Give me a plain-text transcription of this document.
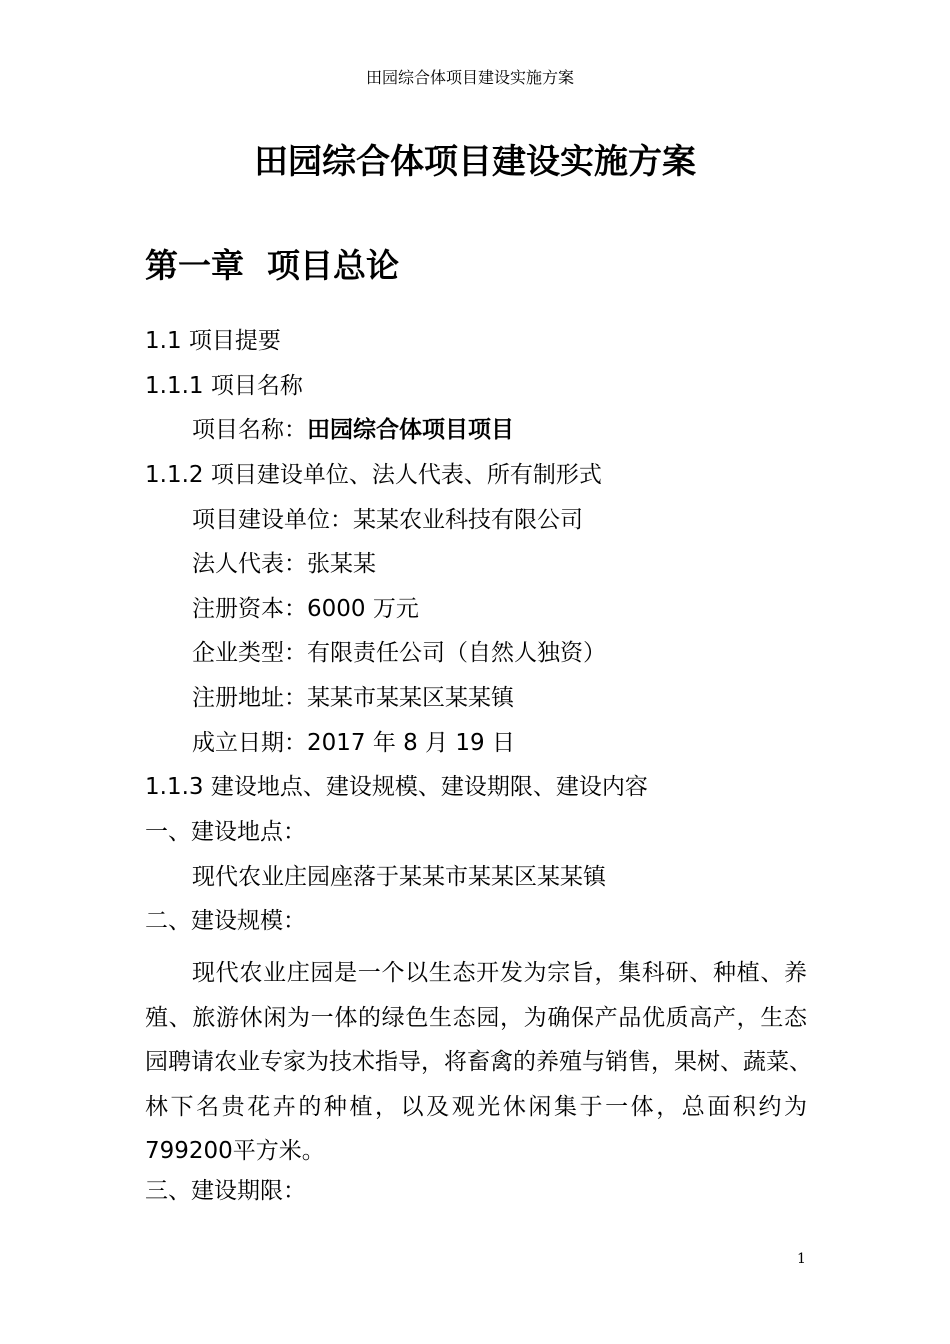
田园综合体项目建设实施方案
田园综合体项目建设实施方案
第一章  项目总论
1.1 项目提要
1.1.1 项目名称
项目名称：田园综合体项目项目
1.1.2 项目建设单位、法人代表、所有制形式
项目建设单位：某某农业科技有限公司
法人代表：张某某
注册资本：6000 万元
企业类型：有限责任公司（自然人独资）
注册地址：某某市某某区某某镇
成立日期：2017 年 8 月 19 日
1.1.3 建设地点、建设规模、建设期限、建设内容
一、建设地点：
现代农业庄园座落于某某市某某区某某镇
二、建设规模：
现代农业庄园是一个以生态开发为宗旨，集科研、种植、养
殖、旅游休闲为一体的绿色生态园，为确保产品优质高产，生态
园聘请农业专家为技术指导，将畜禽的养殖与销售，果树、蔬菜、
林下名贵花卉的种植，以及观光休闲集于一体，总面积约为
799200平方米。
三、建设期限：
1
